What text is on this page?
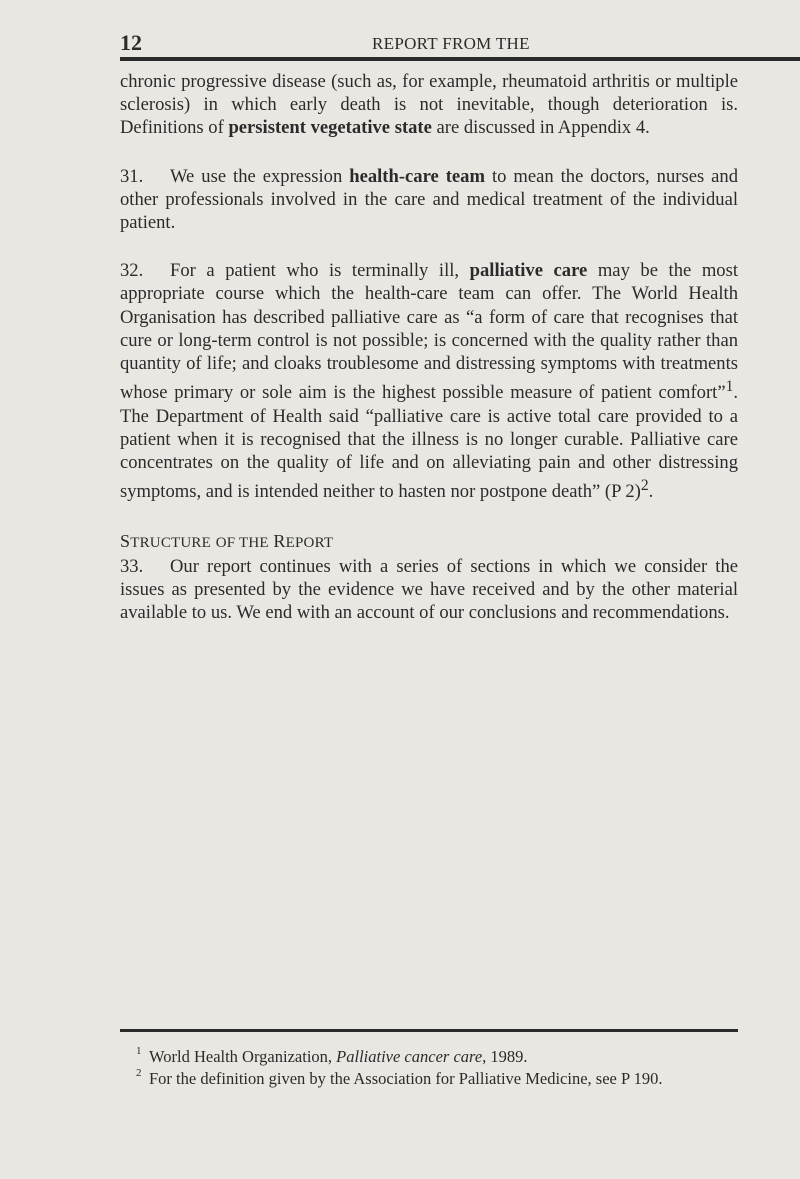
12	REPORT FROM THE

chronic progressive disease (such as, for example, rheumatoid arthritis or multiple sclerosis) in which early death is not inevitable, though deterioration is. Definitions of persistent vegetative state are discussed in Appendix 4.

31. We use the expression health-care team to mean the doctors, nurses and other professionals involved in the care and medical treatment of the individual patient.

32. For a patient who is terminally ill, palliative care may be the most appropriate course which the health-care team can offer. The World Health Organisation has described palliative care as “a form of care that recognises that cure or long-term control is not possible; is concerned with the quality rather than quantity of life; and cloaks troublesome and distressing symptoms with treatments whose primary or sole aim is the highest possible measure of patient comfort”$^1$. The Department of Health said “palliative care is active total care provided to a patient when it is recognised that the illness is no longer curable. Palliative care concentrates on the quality of life and on alleviating pain and other distressing symptoms, and is intended neither to hasten nor postpone death” (P 2)$^2$.

STRUCTURE OF THE REPORT

33. Our report continues with a series of sections in which we consider the issues as presented by the evidence we have received and by the other material available to us. We end with an account of our conclusions and recommendations.

1 World Health Organization, Palliative cancer care, 1989.

2 For the definition given by the Association for Palliative Medicine, see P 190.
